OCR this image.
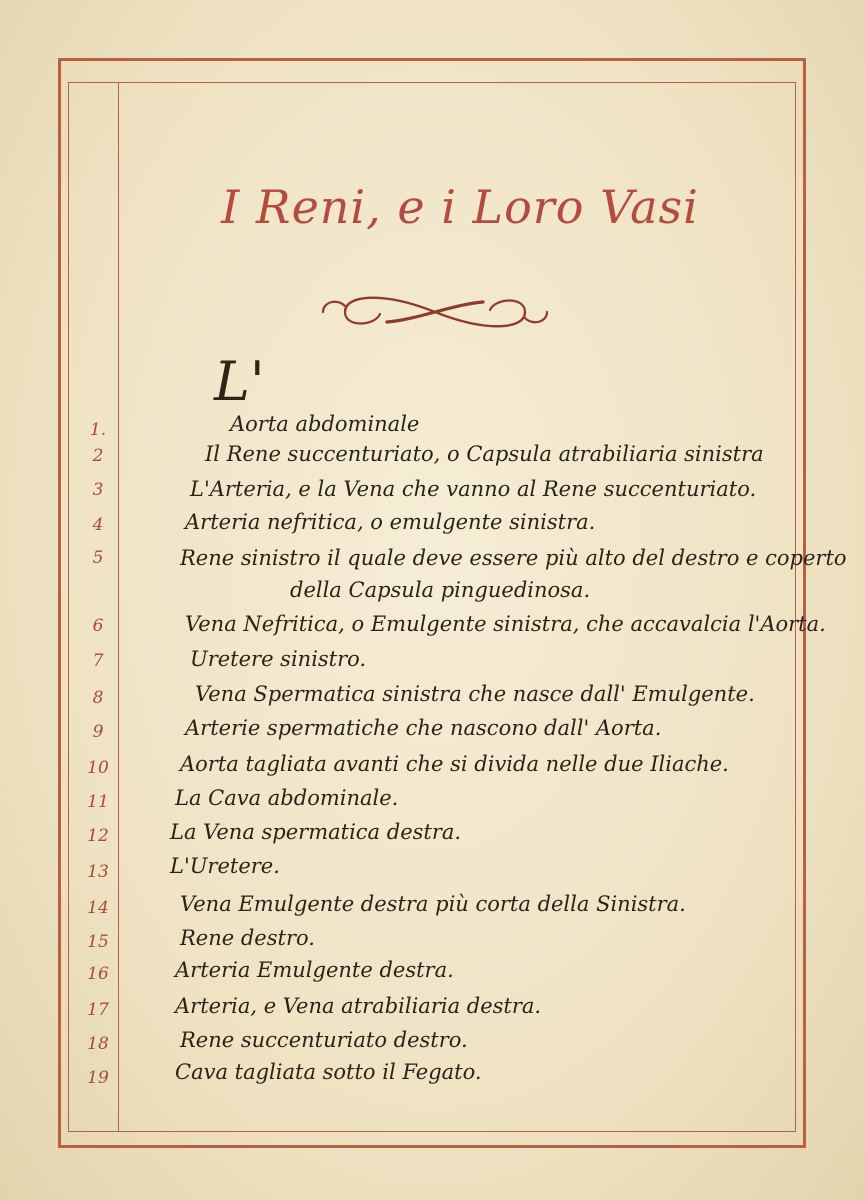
I Reni, e i Loro Vasi
L'
1.	Aorta abdominale
2	Il Rene succenturiato, o Capsula atrabiliaria sinistra
3	L'Arteria, e la Vena che vanno al Rene succenturiato.
4	Arteria nefritica, o emulgente sinistra.
5	Rene sinistro il quale deve essere più alto del destro e coperto
della Capsula pinguedinosa.
6	Vena Nefritica, o Emulgente sinistra, che accavalcia l'Aorta.
7	Uretere sinistro.
8	Vena Spermatica sinistra che nasce dall' Emulgente.
9	Arterie spermatiche che nascono dall' Aorta.
10	Aorta tagliata avanti che si divida nelle due Iliache.
11	La Cava abdominale.
12	La Vena spermatica destra.
13	L'Uretere.
14	Vena Emulgente destra più corta della Sinistra.
15	Rene destro.
16	Arteria Emulgente destra.
17	Arteria, e Vena atrabiliaria destra.
18	Rene succenturiato destro.
19	Cava tagliata sotto il Fegato.
